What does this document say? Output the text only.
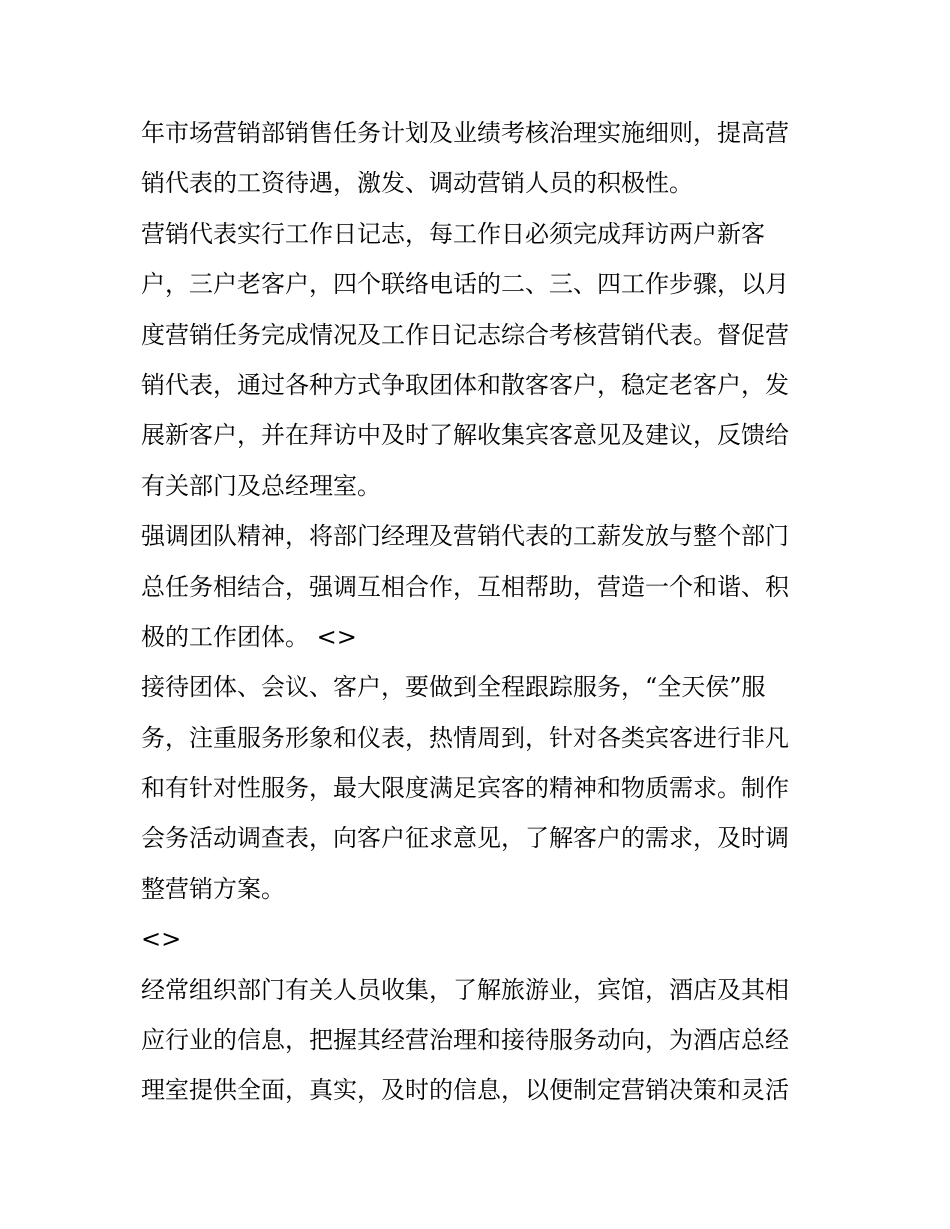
年市场营销部销售任务计划及业绩考核治理实施细则，提高营
销代表的工资待遇，激发、调动营销人员的积极性。
营销代表实行工作日记志，每工作日必须完成拜访两户新客
户，三户老客户，四个联络电话的二、三、四工作步骤，以月
度营销任务完成情况及工作日记志综合考核营销代表。督促营
销代表，通过各种方式争取团体和散客客户，稳定老客户，发
展新客户，并在拜访中及时了解收集宾客意见及建议，反馈给
有关部门及总经理室。
强调团队精神，将部门经理及营销代表的工薪发放与整个部门
总任务相结合，强调互相合作，互相帮助，营造一个和谐、积
极的工作团体。 <>
接待团体、会议、客户，要做到全程跟踪服务，“全天侯”服
务，注重服务形象和仪表，热情周到，针对各类宾客进行非凡
和有针对性服务，最大限度满足宾客的精神和物质需求。制作
会务活动调查表，向客户征求意见，了解客户的需求，及时调
整营销方案。
<>
经常组织部门有关人员收集，了解旅游业，宾馆，酒店及其相
应行业的信息，把握其经营治理和接待服务动向，为酒店总经
理室提供全面，真实，及时的信息，以便制定营销决策和灵活
